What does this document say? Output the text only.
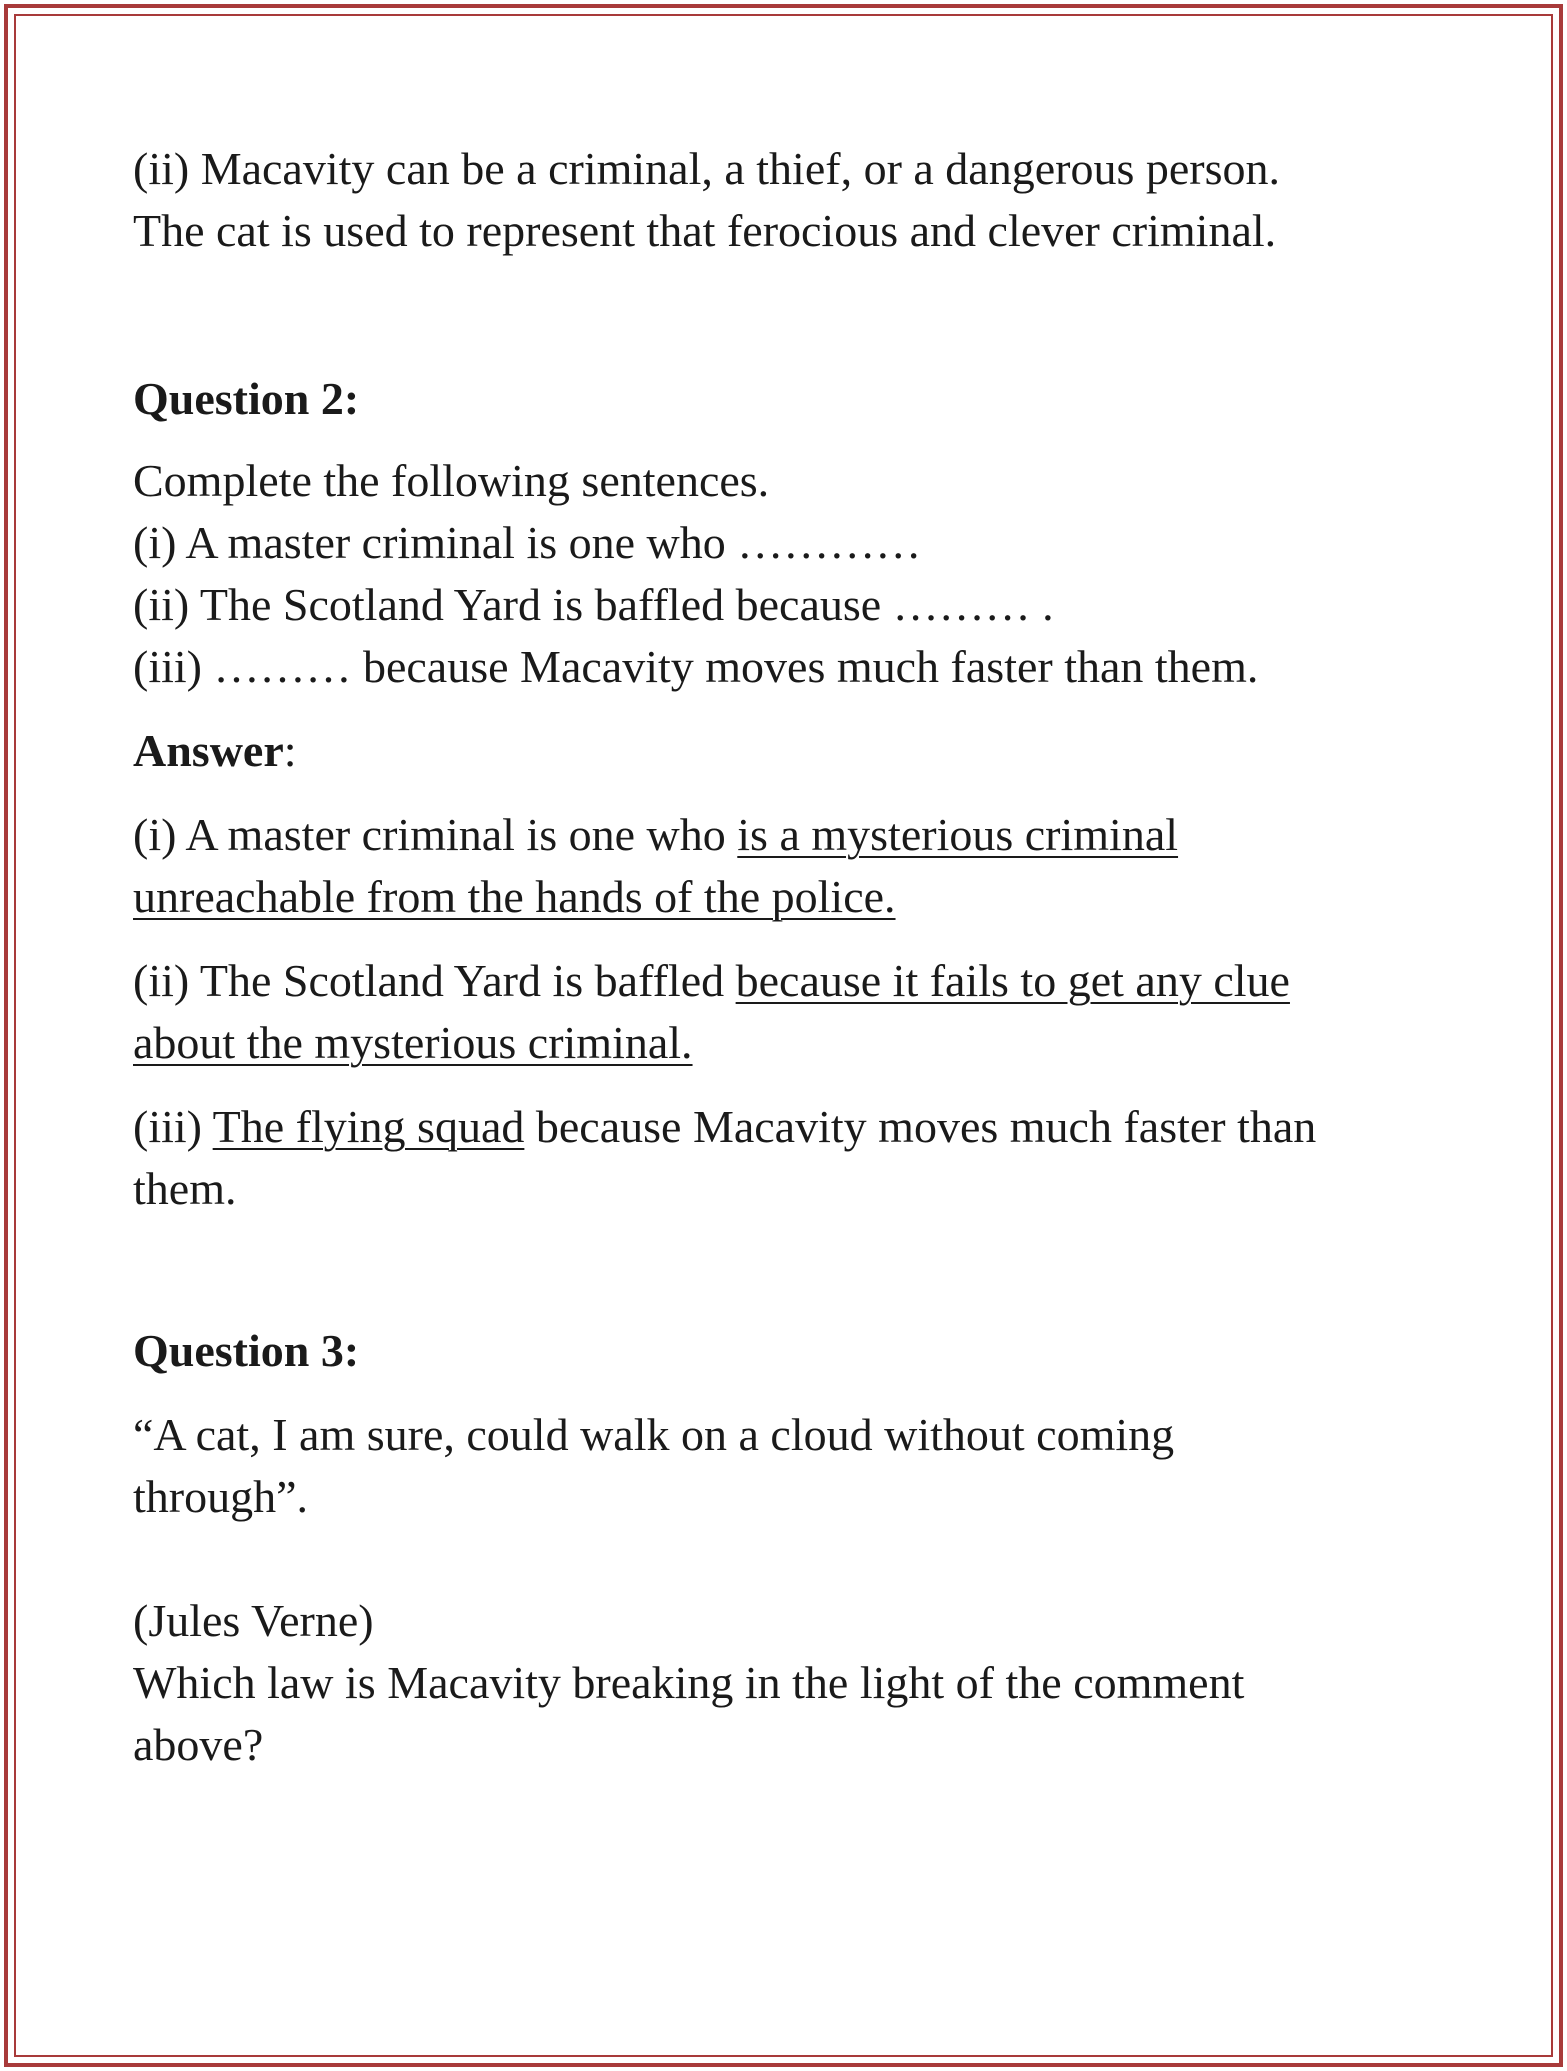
(ii) Macavity can be a criminal, a thief, or a dangerous person.
The cat is used to represent that ferocious and clever criminal.
Question 2:
Complete the following sentences.
(i) A master criminal is one who …………
(ii) The Scotland Yard is baffled because ……… .
(iii) ……… because Macavity moves much faster than them.
Answer:
(i) A master criminal is one who is a mysterious criminal
unreachable from the hands of the police.
(ii) The Scotland Yard is baffled because it fails to get any clue
about the mysterious criminal.
(iii) The flying squad because Macavity moves much faster than
them.
Question 3:
“A cat, I am sure, could walk on a cloud without coming
through”.
(Jules Verne)
Which law is Macavity breaking in the light of the comment
above?
